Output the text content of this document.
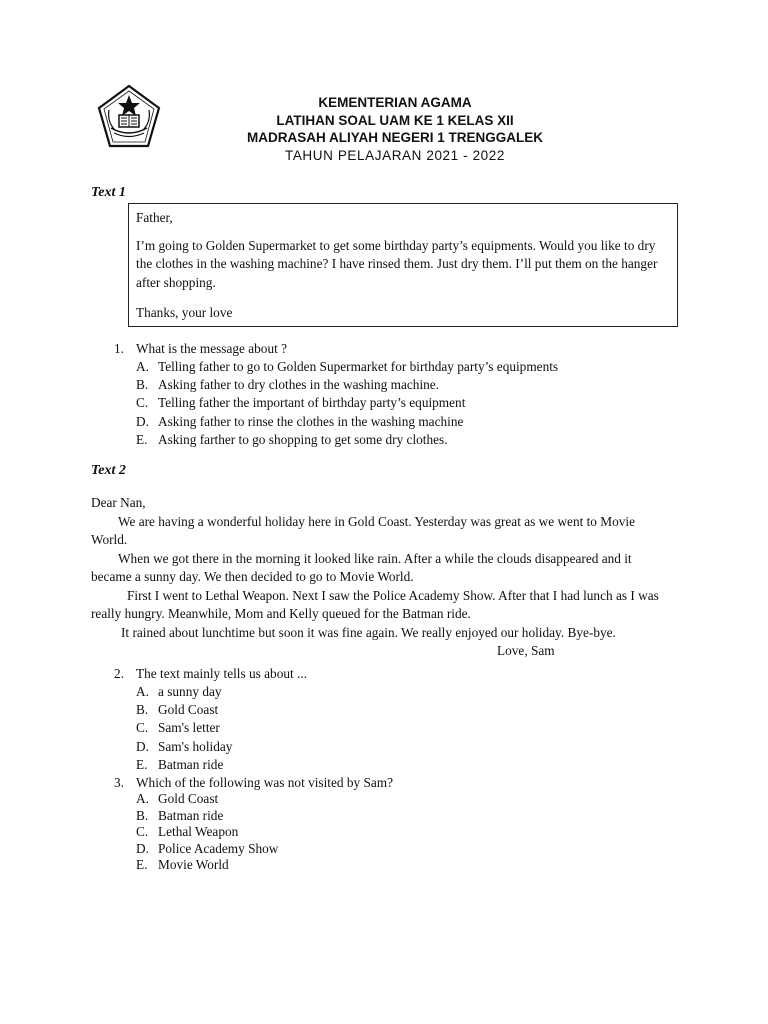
KEMENTERIAN AGAMA
LATIHAN SOAL UAM KE 1 KELAS XII
MADRASAH ALIYAH NEGERI 1 TRENGGALEK
TAHUN PELAJARAN 2021 - 2022
Text 1

Father,

I’m going to Golden Supermarket to get some birthday party’s equipments. Would you like to dry the clothes in the washing machine? I have rinsed them. Just dry them. I’ll put them on the hanger after shopping.

Thanks, your love

1. What is the message about ?
A. Telling father to go to Golden Supermarket for birthday party’s equipments
B. Asking father to dry clothes in the washing machine.
C. Telling father the important of birthday party’s equipment
D. Asking father to rinse the clothes in the washing machine
E. Asking farther to go shopping to get some dry clothes.
Text 2
Dear Nan,
We are having a wonderful holiday here in Gold Coast. Yesterday was great as we went to Movie World.
When we got there in the morning it looked like rain. After a while the clouds disappeared and it became a sunny day. We then decided to go to Movie World.
First I went to Lethal Weapon. Next I saw the Police Academy Show. After that I had lunch as I was really hungry. Meanwhile, Mom and Kelly queued for the Batman ride.
It rained about lunchtime but soon it was fine again. We really enjoyed our holiday. Bye-bye.
Love, Sam
2. The text mainly tells us about ...
A. a sunny day
B. Gold Coast
C. Sam's letter
D. Sam's holiday
E. Batman ride
3. Which of the following was not visited by Sam?
A. Gold Coast
B. Batman ride
C. Lethal Weapon
D. Police Academy Show
E. Movie World
